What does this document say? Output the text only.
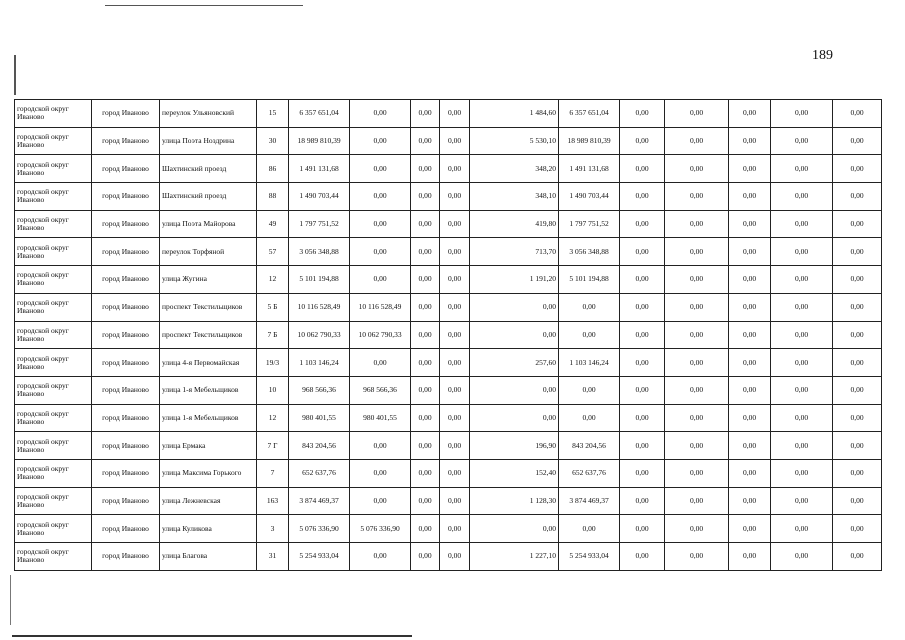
189
городской округ Иваново	город Иваново	переулок Ульяновский	15	6 357 651,04	0,00	0,00	0,00	1 484,60	6 357 651,04	0,00	0,00	0,00	0,00	0,00
городской округ Иваново	город Иваново	улица Поэта Ноздрина	30	18 989 810,39	0,00	0,00	0,00	5 530,10	18 989 810,39	0,00	0,00	0,00	0,00	0,00
городской округ Иваново	город Иваново	Шахтинский проезд	86	1 491 131,68	0,00	0,00	0,00	348,20	1 491 131,68	0,00	0,00	0,00	0,00	0,00
городской округ Иваново	город Иваново	Шахтинский проезд	88	1 490 703,44	0,00	0,00	0,00	348,10	1 490 703,44	0,00	0,00	0,00	0,00	0,00
городской округ Иваново	город Иваново	улица Поэта Майорова	49	1 797 751,52	0,00	0,00	0,00	419,80	1 797 751,52	0,00	0,00	0,00	0,00	0,00
городской округ Иваново	город Иваново	переулок Торфяной	57	3 056 348,88	0,00	0,00	0,00	713,70	3 056 348,88	0,00	0,00	0,00	0,00	0,00
городской округ Иваново	город Иваново	улица Жугина	12	5 101 194,88	0,00	0,00	0,00	1 191,20	5 101 194,88	0,00	0,00	0,00	0,00	0,00
городской округ Иваново	город Иваново	проспект Текстильщиков	5 Б	10 116 528,49	10 116 528,49	0,00	0,00	0,00	0,00	0,00	0,00	0,00	0,00	0,00
городской округ Иваново	город Иваново	проспект Текстильщиков	7 Б	10 062 790,33	10 062 790,33	0,00	0,00	0,00	0,00	0,00	0,00	0,00	0,00	0,00
городской округ Иваново	город Иваново	улица 4-я Первомайская	19/3	1 103 146,24	0,00	0,00	0,00	257,60	1 103 146,24	0,00	0,00	0,00	0,00	0,00
городской округ Иваново	город Иваново	улица 1-я Мебельщиков	10	968 566,36	968 566,36	0,00	0,00	0,00	0,00	0,00	0,00	0,00	0,00	0,00
городской округ Иваново	город Иваново	улица 1-я Мебельщиков	12	980 401,55	980 401,55	0,00	0,00	0,00	0,00	0,00	0,00	0,00	0,00	0,00
городской округ Иваново	город Иваново	улица Ермака	7 Г	843 204,56	0,00	0,00	0,00	196,90	843 204,56	0,00	0,00	0,00	0,00	0,00
городской округ Иваново	город Иваново	улица Максима Горького	7	652 637,76	0,00	0,00	0,00	152,40	652 637,76	0,00	0,00	0,00	0,00	0,00
городской округ Иваново	город Иваново	улица Лежневская	163	3 874 469,37	0,00	0,00	0,00	1 128,30	3 874 469,37	0,00	0,00	0,00	0,00	0,00
городской округ Иваново	город Иваново	улица Куликова	3	5 076 336,90	5 076 336,90	0,00	0,00	0,00	0,00	0,00	0,00	0,00	0,00	0,00
городской округ Иваново	город Иваново	улица Благова	31	5 254 933,04	0,00	0,00	0,00	1 227,10	5 254 933,04	0,00	0,00	0,00	0,00	0,00
